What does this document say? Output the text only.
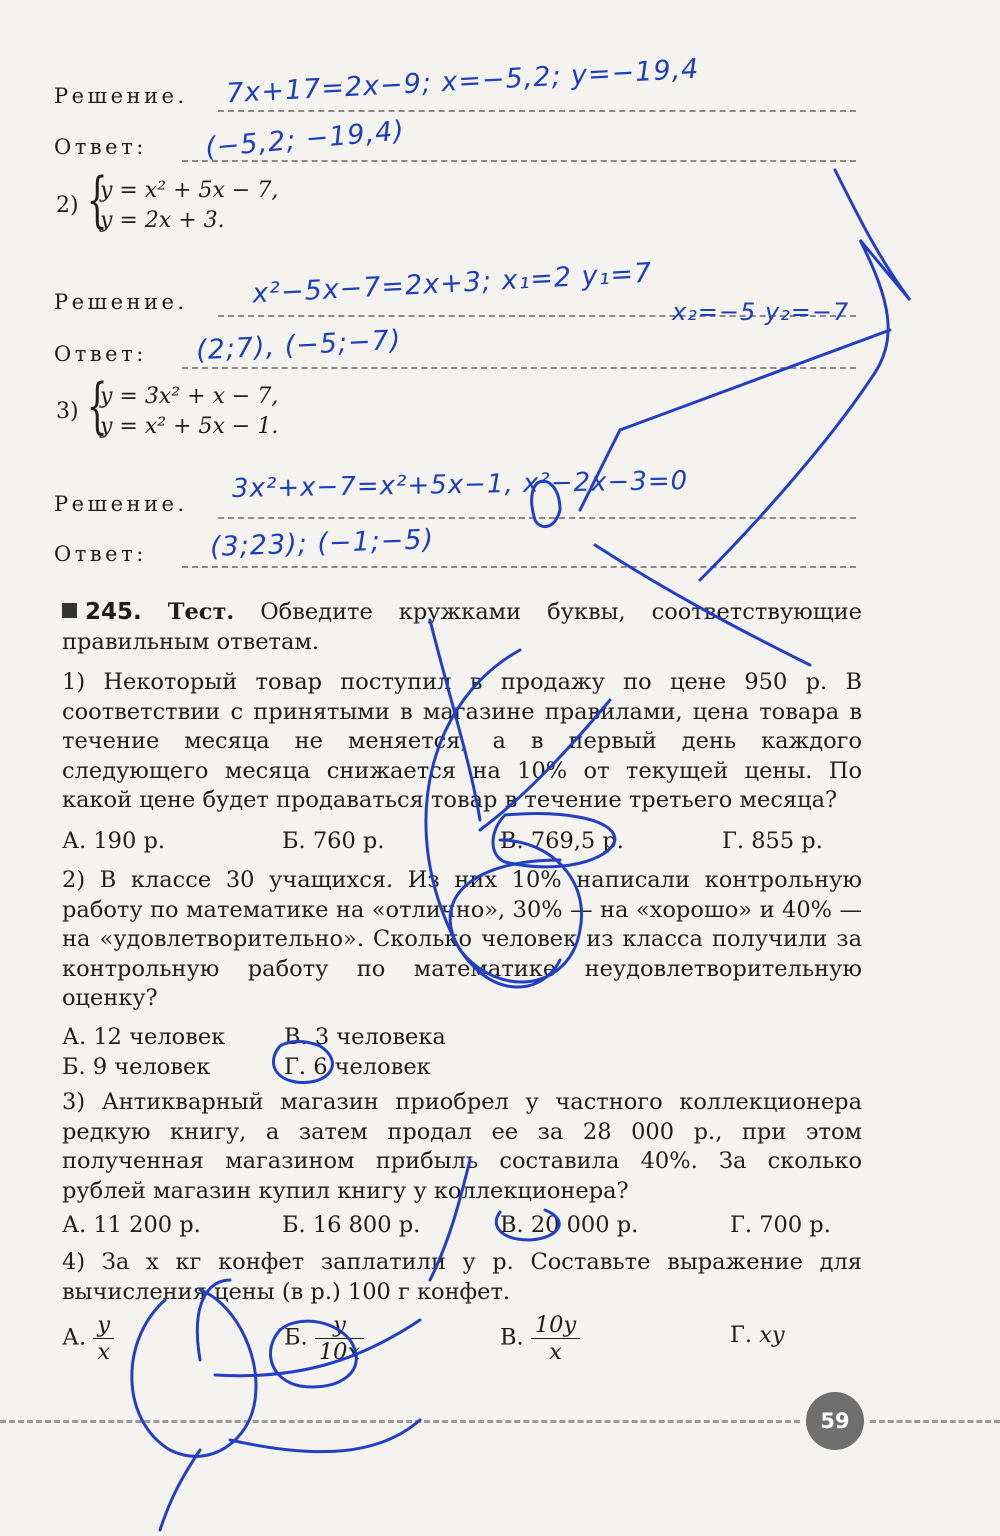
Решение. 7x+17=2x−9; x=−5,2; y=−19,4
Ответ: (−5,2; −19,4)
2) {
y = x² + 5x − 7,
y = 2x + 3.
Решение. x²−5x−7=2x+3; x₁=2 y₁=7
x₂=−5 y₂=−7
Ответ: (2;7), (−5;−7)
3) {
y = 3x² + x − 7,
y = x² + 5x − 1.
Решение.
3x²+x−7=x²+5x−1, x²−2x−3=0
Ответ: (3;23); (−1;−5)
245. Тест. Обведите кружками буквы, соответствующие правильным ответам.
1) Некоторый товар поступил в продажу по цене 950 р. В соответствии с принятыми в магазине правилами, цена товара в течение месяца не меняется, а в первый день каждого следующего месяца снижается на 10% от текущей цены. По какой цене будет продаваться товар в течение третьего месяца?
А. 190 р.	Б. 760 р.	В. 769,5 р.	Г. 855 р.
2) В классе 30 учащихся. Из них 10% написали контрольную работу по математике на «отлично», 30% — на «хорошо» и 40% — на «удовлетворительно». Сколько человек из класса получили за контрольную работу по математике неудовлетворительную оценку?
А. 12 человек	В. 3 человека
Б. 9 человек	Г. 6 человек
3) Антикварный магазин приобрел у частного коллекционера редкую книгу, а затем продал ее за 28 000 р., при этом полученная магазином прибыль составила 40%. За сколько рублей магазин купил книгу у коллекционера?
А. 11 200 р.	Б. 16 800 р.	В. 20 000 р.	Г. 700 р.
4) За x кг конфет заплатили y р. Составьте выражение для вычисления цены (в р.) 100 г конфет.
А. $\frac{y}{x}$	Б. $\frac{y}{10x}$	В. $\frac{10y}{x}$	Г. xy
59
